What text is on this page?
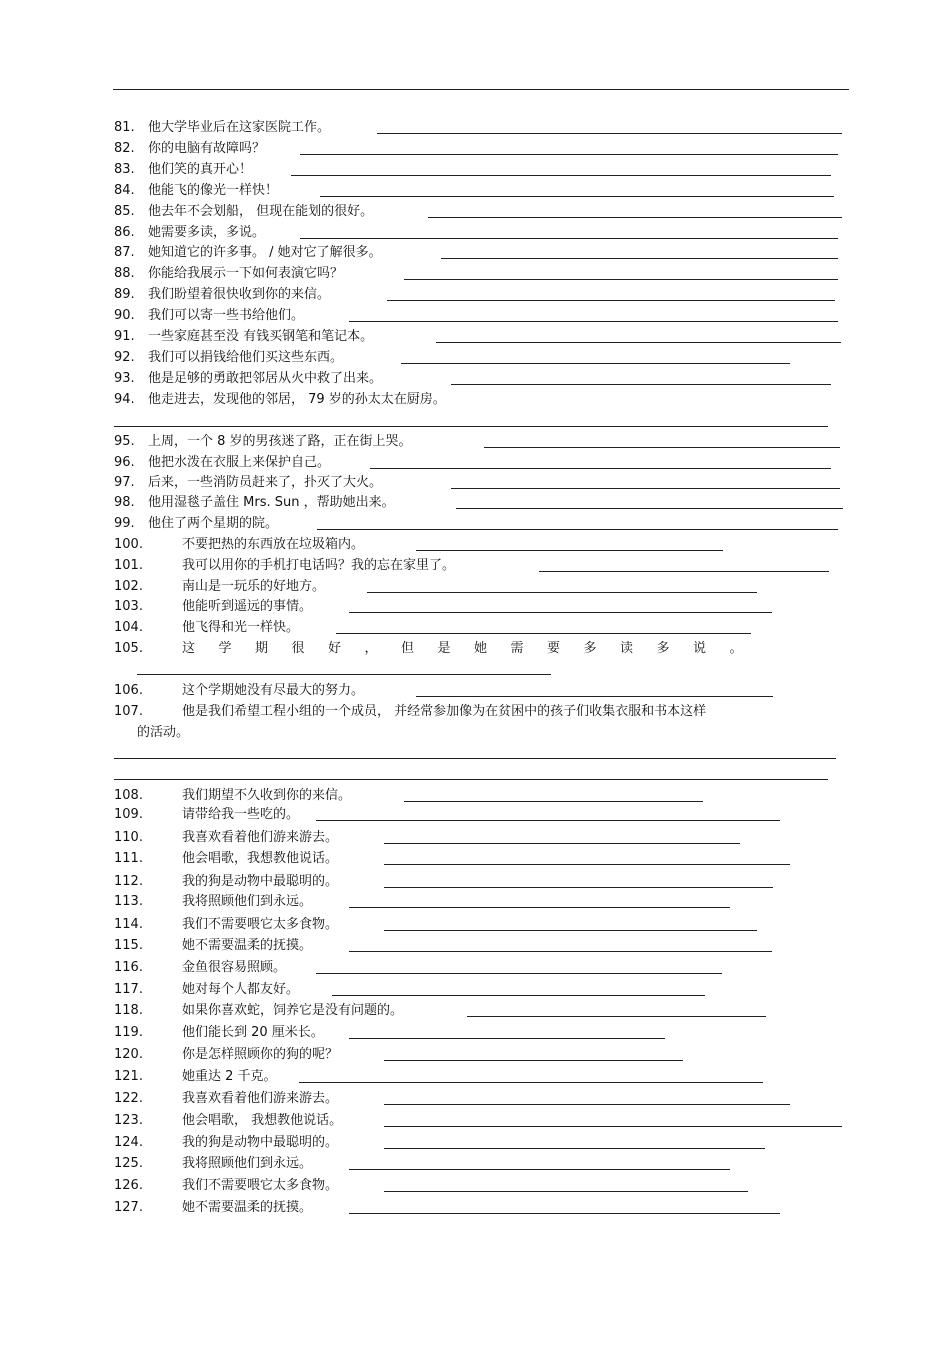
81. 他大学毕业后在这家医院工作。
82. 你的电脑有故障吗？
83. 他们笑的真开心！
84. 他能飞的像光一样快！
85. 他去年不会划船， 但现在能划的很好。
86. 她需要多读，多说。
87. 她知道它的许多事。 / 她对它了解很多。
88. 你能给我展示一下如何表演它吗？
89. 我们盼望着很快收到你的来信。
90. 我们可以寄一些书给他们。
91. 一些家庭甚至没 有钱买钢笔和笔记本。
92. 我们可以捐钱给他们买这些东西。
93. 他是足够的勇敢把邻居从火中救了出来。
94. 他走进去，发现他的邻居， 79 岁的孙太太在厨房。
95. 上周，一个 8 岁的男孩迷了路，正在街上哭。
96. 他把水泼在衣服上来保护自己。
97. 后来，一些消防员赶来了，扑灭了大火。
98. 他用湿毯子盖住 Mrs. Sun ，帮助她出来。
99. 他住了两个星期的院。
100.	不要把热的东西放在垃圾箱内。
101.	我可以用你的手机打电话吗？我的忘在家里了。
102.	南山是一玩乐的好地方。
103.	他能听到遥远的事情。
104.	他飞得和光一样快。
105.	这学期很好，但是她需要多读多说。
106.	这个学期她没有尽最大的努力。
107.	他是我们希望工程小组的一个成员， 并经常参加像为在贫困中的孩子们收集衣服和书本这样
的活动。
108.	我们期望不久收到你的来信。
109.	请带给我一些吃的。
110.	我喜欢看着他们游来游去。
111.	他会唱歌，我想教他说话。
112.	我的狗是动物中最聪明的。
113.	我将照顾他们到永远。
114.	我们不需要喂它太多食物。
115.	她不需要温柔的抚摸。
116.	金鱼很容易照顾。
117.	她对每个人都友好。
118.	如果你喜欢蛇，饲养它是没有问题的。
119.	他们能长到 20 厘米长。
120.	你是怎样照顾你的狗的呢？
121.	她重达 2 千克。
122.	我喜欢看着他们游来游去。
123.	他会唱歌， 我想教他说话。
124.	我的狗是动物中最聪明的。
125.	我将照顾他们到永远。
126.	我们不需要喂它太多食物。
127.	她不需要温柔的抚摸。
